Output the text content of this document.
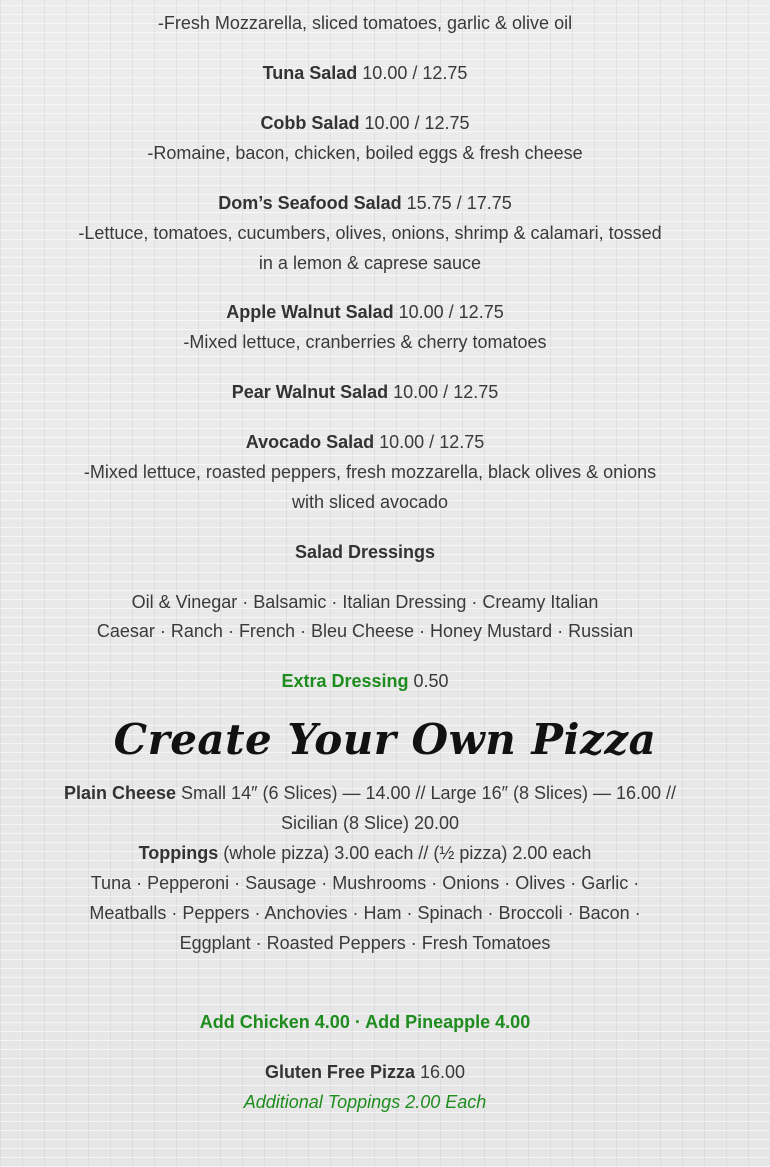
-Fresh Mozzarella, sliced tomatoes, garlic & olive oil
Tuna Salad 10.00 / 12.75
Cobb Salad 10.00 / 12.75
-Romaine, bacon, chicken, boiled eggs & fresh cheese
Dom’s Seafood Salad 15.75 / 17.75
-Lettuce, tomatoes, cucumbers, olives, onions, shrimp & calamari, tossed in a lemon & caprese sauce
Apple Walnut Salad 10.00 / 12.75
-Mixed lettuce, cranberries & cherry tomatoes
Pear Walnut Salad 10.00 / 12.75
Avocado Salad 10.00 / 12.75
-Mixed lettuce, roasted peppers, fresh mozzarella, black olives & onions with sliced avocado
Salad Dressings
Oil & Vinegar · Balsamic · Italian Dressing · Creamy Italian
Caesar · Ranch · French · Bleu Cheese · Honey Mustard · Russian
Extra Dressing 0.50
Create Your Own Pizza
Plain Cheese Small 14″ (6 Slices) — 14.00 // Large 16″ (8 Slices) — 16.00 // Sicilian (8 Slice) 20.00
Toppings (whole pizza) 3.00 each // (½ pizza) 2.00 each
Tuna · Pepperoni · Sausage · Mushrooms · Onions · Olives · Garlic · Meatballs · Peppers · Anchovies · Ham · Spinach · Broccoli · Bacon · Eggplant · Roasted Peppers · Fresh Tomatoes
Add Chicken 4.00 · Add Pineapple 4.00
Gluten Free Pizza 16.00
Additional Toppings 2.00 Each
